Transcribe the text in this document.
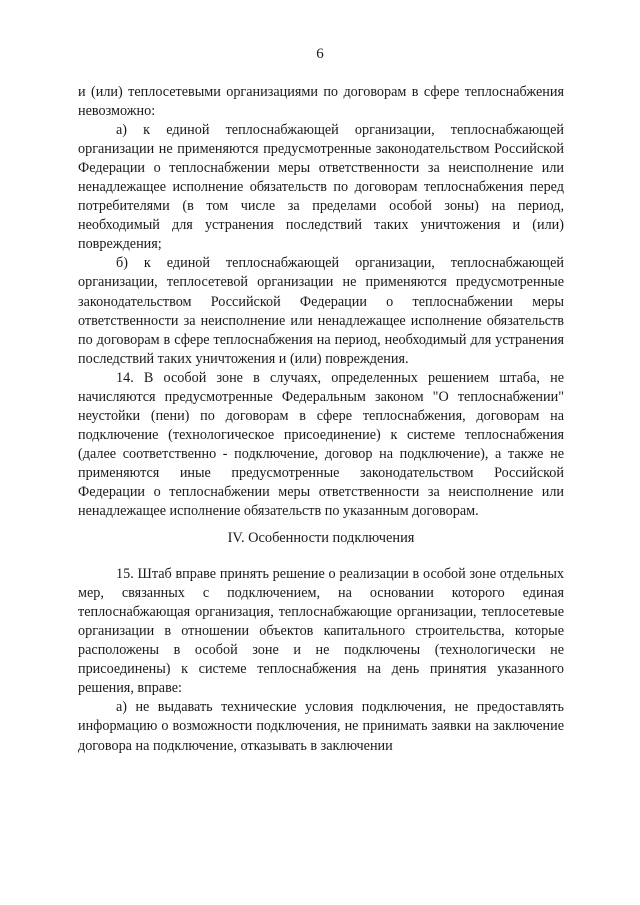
6

и (или) теплосетевыми организациями по договорам в сфере теплоснабжения невозможно:

а) к единой теплоснабжающей организации, теплоснабжающей организации не применяются предусмотренные законодательством Российской Федерации о теплоснабжении меры ответственности за неисполнение или ненадлежащее исполнение обязательств по договорам теплоснабжения перед потребителями (в том числе за пределами особой зоны) на период, необходимый для устранения последствий таких уничтожения и (или) повреждения;

б) к единой теплоснабжающей организации, теплоснабжающей организации, теплосетевой организации не применяются предусмотренные законодательством Российской Федерации о теплоснабжении меры ответственности за неисполнение или ненадлежащее исполнение обязательств по договорам в сфере теплоснабжения на период, необходимый для устранения последствий таких уничтожения и (или) повреждения.

14. В особой зоне в случаях, определенных решением штаба, не начисляются предусмотренные Федеральным законом "О теплоснабжении" неустойки (пени) по договорам в сфере теплоснабжения, договорам на подключение (технологическое присоединение) к системе теплоснабжения (далее соответственно - подключение, договор на подключение), а также не применяются иные предусмотренные законодательством Российской Федерации о теплоснабжении меры ответственности за неисполнение или ненадлежащее исполнение обязательств по указанным договорам.

IV. Особенности подключения

15. Штаб вправе принять решение о реализации в особой зоне отдельных мер, связанных с подключением, на основании которого единая теплоснабжающая организация, теплоснабжающие организации, теплосетевые организации в отношении объектов капитального строительства, которые расположены в особой зоне и не подключены (технологически не присоединены) к системе теплоснабжения на день принятия указанного решения, вправе:

а) не выдавать технические условия подключения, не предоставлять информацию о возможности подключения, не принимать заявки на заключение договора на подключение, отказывать в заключении
